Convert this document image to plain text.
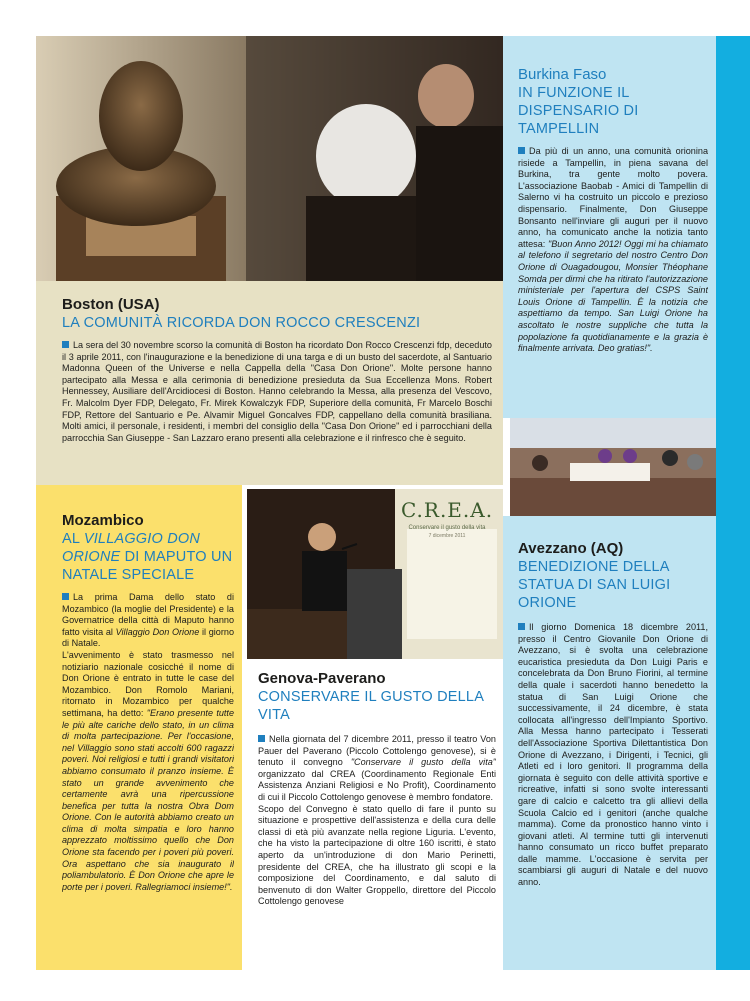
Boston (USA)
LA COMUNITÀ RICORDA DON ROCCO CRESCENZI
La sera del 30 novembre scorso la comunità di Boston ha ricordato Don Rocco Crescenzi fdp, deceduto il 3 aprile 2011, con l'inaugurazione e la benedizione di una targa e di un busto del sacerdote, al Santuario Madonna Queen of the Universe e nella Cappella della "Casa Don Orione". Molte persone hanno partecipato alla Messa e alla cerimonia di benedizione presieduta da Sua Eccellenza Mons. Robert Hennessey, Ausiliare dell'Arcidiocesi di Boston. Hanno celebrando la Messa, alla presenza del Vescovo, Fr. Malcolm Dyer FDP, Delegato, Fr. Mirek Kowalczyk FDP, Superiore della comunità, Fr Marcelo Boschi FDP, Rettore del Santuario e Pe. Alvamir Miguel Goncalves FDP, cappellano della comunità brasiliana. Molti amici, il personale, i residenti, i membri del consiglio della "Casa Don Orione" ed i parrocchiani della parrocchia San Giuseppe - San Lazzaro erano presenti alla celebrazione e il rinfresco che è seguito.
Burkina Faso
IN FUNZIONE IL DISPENSARIO DI TAMPELLIN
Da più di un anno, una comunità orionina risiede a Tampellin, in piena savana del Burkina, tra gente molto povera. L'associazione Baobab - Amici di Tampellin di Salerno vi ha costruito un piccolo e prezioso dispensario. Finalmente, Don Giuseppe Bonsanto nell'inviare gli auguri per il nuovo anno, ha comunicato anche la notizia tanto attesa: "Buon Anno 2012! Oggi mi ha chiamato al telefono il segretario del nostro Centro Don Orione di Ouagadougou, Monsier Théophane Somda per dirmi che ha ritirato l'autorizzazione ministeriale per l'apertura del CSPS Saint Louis Orione di Tampellin. È la notizia che aspettiamo da tempo. San Luigi Orione ha ascoltato le nostre suppliche che tutta la popolazione fa quotidianamente e la grazia è finalmente arrivata. Deo gratias!".
Mozambico
AL VILLAGGIO DON ORIONE DI MAPUTO UN NATALE SPECIALE

La prima Dama dello stato di Mozambico (la moglie del Presidente) e la Governatrice della città di Maputo hanno fatto visita al Villaggio Don Orione il giorno di Natale.

L'avvenimento è stato trasmesso nel notiziario nazionale cosicché il nome di Don Orione è entrato in tutte le case del Mozambico. Don Romolo Mariani, ritornato in Mozambico per qualche settimana, ha detto: "Erano presente tutte le più alte cariche dello stato, in un clima di molta partecipazione. Per l'occasione, nel Villaggio sono stati accolti 600 ragazzi poveri. Noi religiosi e tutti i grandi visitatori abbiamo consumato il pranzo insieme. È stato un grande avvenimento che certamente avrà una ripercussione benefica per tutta la nostra Obra Dom Orione. Con le autorità abbiamo creato un clima di molta simpatia e loro hanno apprezzato moltissimo quello che Don Orione sta facendo per i poveri più poveri. Ora aspettano che sia inaugurato il poliambulatorio. È Don Orione che apre le porte per i poveri. Rallegriamoci insieme!".

C.R.E.A.
Conservare il gusto della vita
7 dicembre 2011
Genova-Paverano
CONSERVARE IL GUSTO DELLA VITA

Nella giornata del 7 dicembre 2011, presso il teatro Von Pauer del Paverano (Piccolo Cottolengo genovese), si è tenuto il convegno "Conservare il gusto della vita" organizzato dal CREA (Coordinamento Regionale Enti Assistenza Anziani Religiosi e No Profit), Coordinamento di cui il Piccolo Cottolengo genovese è membro fondatore.

Scopo del Convegno è stato quello di fare il punto su situazione e prospettive dell'assistenza e della cura delle classi di età più avanzate nella regione Liguria. L'evento, che ha visto la partecipazione di oltre 160 iscritti, è stato aperto da un'introduzione di don Mario Perinetti, presidente del CREA, che ha illustrato gli scopi e la composizione del Coordinamento, e dal saluto di benvenuto di don Walter Groppello, direttore del Piccolo Cottolengo genovese

Avezzano (AQ)
BENEDIZIONE DELLA STATUA DI SAN LUIGI ORIONE
Il giorno Domenica 18 dicembre 2011, presso il Centro Giovanile Don Orione di Avezzano, si è svolta una celebrazione eucaristica presieduta da Don Luigi Paris e concelebrata da Don Bruno Fiorini, al termine della quale i sacerdoti hanno benedetto la statua di San Luigi Orione che successivamente, il 24 dicembre, è stata collocata all'ingresso dell'Impianto Sportivo. Alla Messa hanno partecipato i Tesserati dell'Associazione Sportiva Dilettantistica Don Orione di Avezzano, i Dirigenti, i Tecnici, gli Atleti ed i loro genitori. Il programma della giornata è seguito con delle attività sportive e ricreative, infatti si sono svolte interessanti gare di calcio e calcetto tra gli allievi della Scuola Calcio ed i genitori (anche qualche mamma). Come da pronostico hanno vinto i giovani atleti. Al termine tutti gli intervenuti hanno consumato un ricco buffet preparato dalle mamme. L'occasione è servita per scambiarsi gli auguri di Natale e del nuovo anno.
